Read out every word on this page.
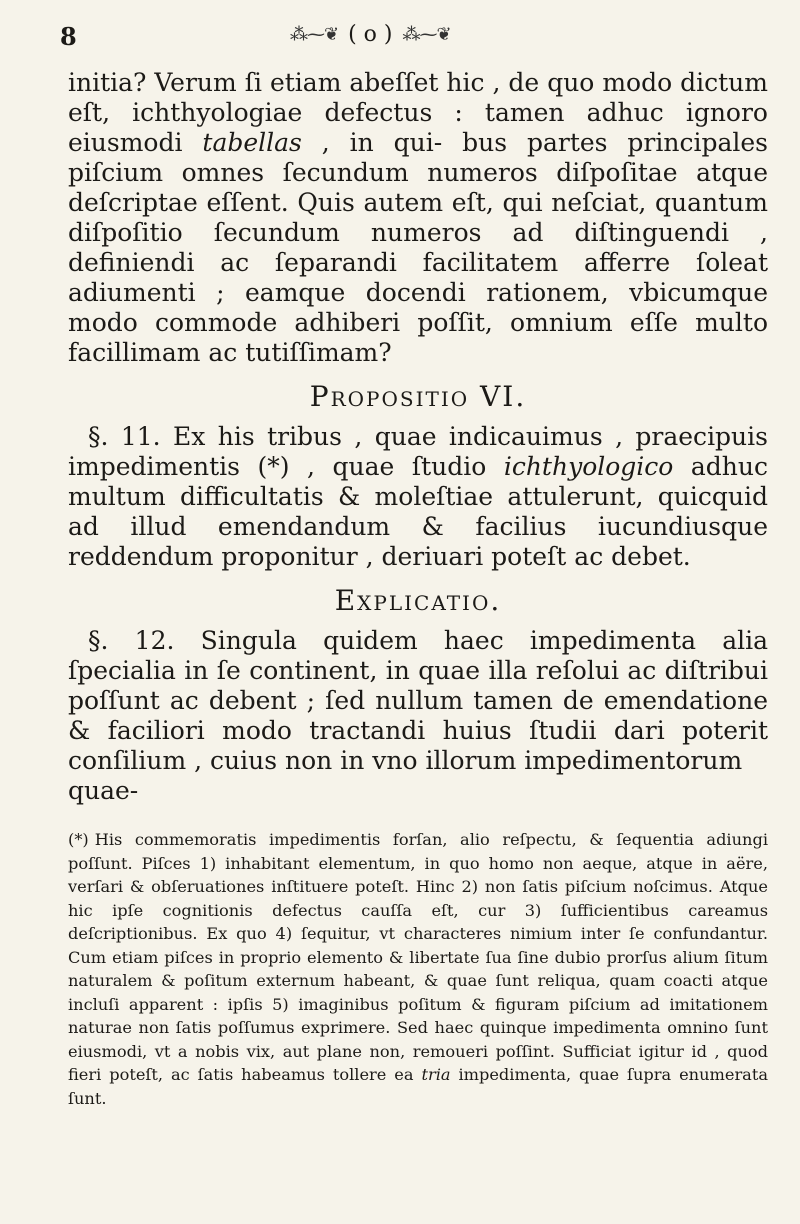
8	⁂⁓❦ ( o ) ⁂⁓❦

initia? Verum ſi etiam abeſſet hic , de quo modo dictum eſt, ichthyologiae defectus : tamen adhuc ignoro eiusmodi tabellas , in qui- bus partes principales piſcium omnes ſecundum numeros diſpoſitae atque deſcriptae eſſent. Quis autem eſt, qui neſciat, quantum diſpoſitio ſecundum numeros ad diſtinguendi , definiendi ac ſeparandi facilitatem afferre ſoleat adiumenti ; eamque docendi rationem, vbicumque modo commode adhiberi poſſit, omnium eſſe multo facillimam ac tutiſſimam?

Propositio VI.

§. 11. Ex his tribus , quae indicauimus , praecipuis impedimentis (*) , quae ſtudio ichthyologico adhuc multum difficultatis & moleſtiae attulerunt, quicquid ad illud emendandum & facilius iucundiusque reddendum proponitur , deriuari poteſt ac debet.

Explicatio.

§. 12. Singula quidem haec impedimenta alia ſpecialia in ſe continent, in quae illa reſolui ac diſtribui poſſunt ac debent ; ſed nullum tamen de emendatione & faciliori modo tractandi huius ſtudii dari poterit conſilium , cuius non in vno illorum impedimentorum

quae-

(*) His commemoratis impedimentis forſan, alio reſpectu, & ſequentia adiungi poſſunt. Piſces 1) inhabitant elementum, in quo homo non aeque, atque in aëre, verſari & obſeruationes inſtituere poteſt. Hinc 2) non ſatis piſcium noſcimus. Atque hic ipſe cognitionis defectus cauſſa eſt, cur 3) ſufficientibus careamus deſcriptionibus. Ex quo 4) ſequitur, vt characteres nimium inter ſe confundantur. Cum etiam piſces in proprio elemento & libertate ſua ſine dubio prorſus alium ſitum naturalem & poſitum externum habeant, & quae ſunt reliqua, quam coacti atque incluſi apparent : ipſis 5) imaginibus poſitum & figuram piſcium ad imitationem naturae non ſatis poſſumus exprimere. Sed haec quinque impedimenta omnino ſunt eiusmodi, vt a nobis vix, aut plane non, remoueri poſſint. Sufficiat igitur id , quod fieri poteſt, ac ſatis habeamus tollere ea tria impedimenta, quae ſupra enumerata ſunt.
